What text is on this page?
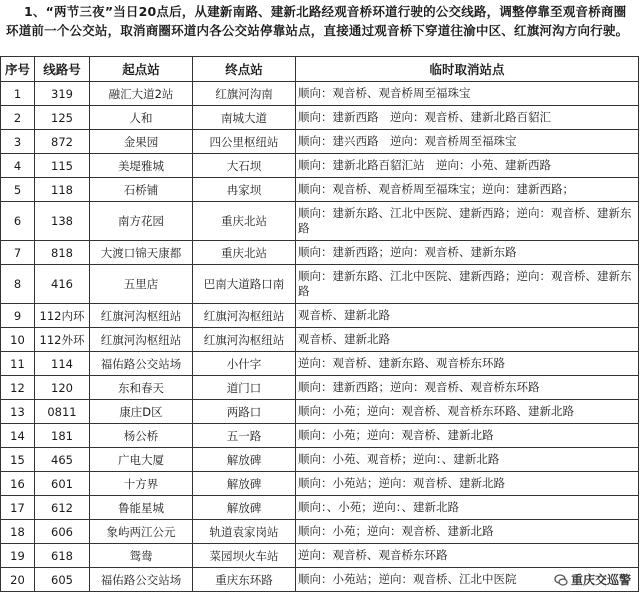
1、“两节三夜”当日20点后，从建新南路、建新北路经观音桥环道行驶的公交线路，调整停靠至观音桥商圈环道前一个公交站，取消商圈环道内各公交站停靠站点，直接通过观音桥下穿道往渝中区、红旗河沟方向行驶。
序号	线路号	起点站	终点站	临时取消站点
1	319	融汇大道2站	红旗河沟南	顺向：观音桥、观音桥周至福珠宝
2	125	人和	南城大道	顺向：建新西路　逆向：观音桥、建新北路百貂汇
3	872	金果园	四公里枢纽站	顺向：建兴西路　逆向：观音桥周至福珠宝
4	115	美堤雅城	大石坝	顺向：建新北路百貂汇站　逆向：小苑、建新西路
5	118	石桥铺	冉家坝	顺向：观音桥、观音桥周至福珠宝；逆向：建新西路；
6	138	南方花园	重庆北站	顺向：建新东路、江北中医院、建新西路；逆向：观音桥、建新东路
7	818	大渡口锦天康都	重庆北站	顺向：建新西路；逆向：观音桥、建新东路
8	416	五里店	巴南大道路口南	顺向：建新东路、江北中医院、建新西路；逆向：观音桥、建新东路
9	112内环	红旗河沟枢纽站	红旗河沟枢纽站	观音桥、建新北路
10	112外环	红旗河沟枢纽站	红旗河沟枢纽站	观音桥、建新北路
11	114	福佑路公交站场	小什字	逆向：观音桥、建新东路、观音桥东环路
12	120	东和春天	道门口	顺向：建新西路；逆向：观音桥、观音桥东环路
13	0811	康庄D区	两路口	顺向：小苑；逆向：观音桥、观音桥东环路、建新北路
14	181	杨公桥	五一路	顺向：小苑；逆向：观音桥、建新北路
15	465	广电大厦	解放碑	顺向：小苑、观音桥；逆向：、建新北路
16	601	十方界	解放碑	顺向：小苑站；逆向：观音桥、建新北路
17	612	鲁能星城	解放碑	顺向：、小苑；逆向：、建新北路
18	606	象屿两江公元	轨道袁家岗站	顺向：小苑；逆向：观音桥、建新北路
19	618	鸳鸯	菜园坝火车站	逆向：观音桥、观音桥东环路
20	605	福佑路公交站场	重庆东环路	顺向：小苑站；逆向：观音桥、江北中医院	重庆交巡警
